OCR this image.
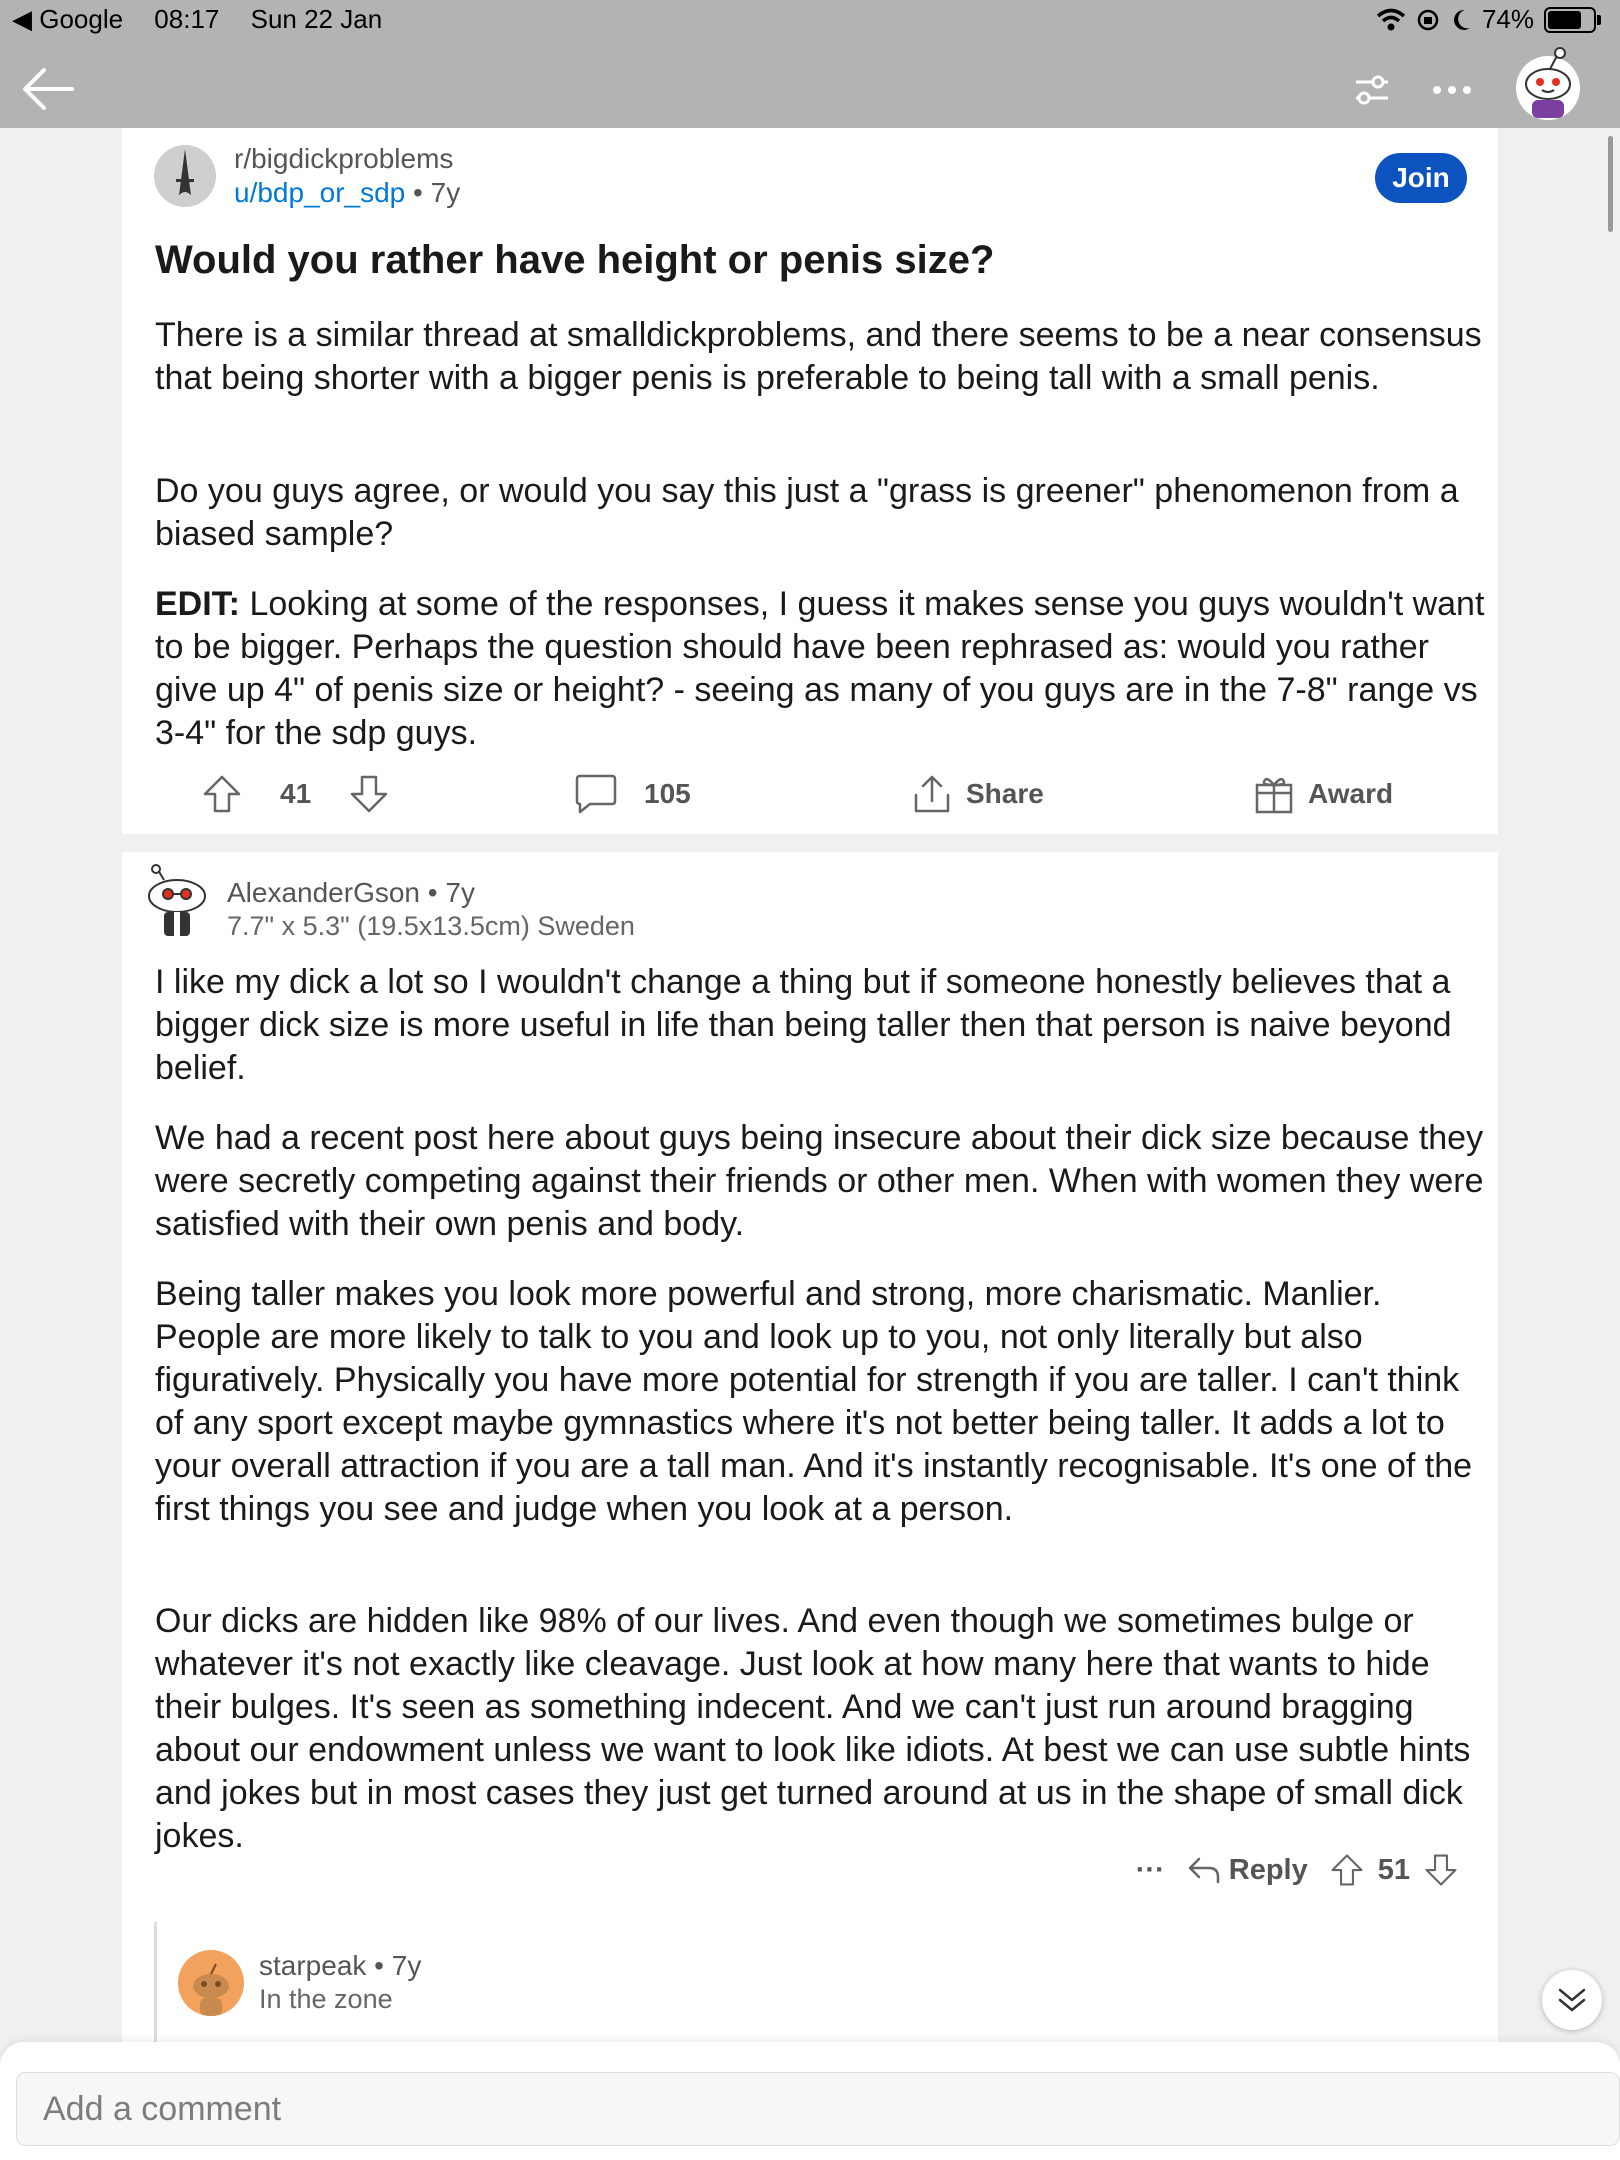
◀ Google 08:17 Sun 22 Jan	74%
r/bigdickproblems
u/bdp_or_sdp • 7y	Join
Would you rather have height or penis size?

There is a similar thread at smalldickproblems, and there seems to be a near consensus that being shorter with a bigger penis is preferable to being tall with a small penis.

Do you guys agree, or would you say this just a "grass is greener" phenomenon from a biased sample?

EDIT: Looking at some of the responses, I guess it makes sense you guys wouldn't want to be bigger. Perhaps the question should have been rephrased as: would you rather give up 4" of penis size or height? - seeing as many of you guys are in the 7-8" range vs 3-4" for the sdp guys.

41	105	Share	Award
AlexanderGson • 7y
7.7" x 5.3" (19.5x13.5cm) Sweden

I like my dick a lot so I wouldn't change a thing but if someone honestly believes that a bigger dick size is more useful in life than being taller then that person is naive beyond belief.

We had a recent post here about guys being insecure about their dick size because they were secretly competing against their friends or other men. When with women they were satisfied with their own penis and body.

Being taller makes you look more powerful and strong, more charismatic. Manlier. People are more likely to talk to you and look up to you, not only literally but also figuratively. Physically you have more potential for strength if you are taller. I can't think of any sport except maybe gymnastics where it's not better being taller. It adds a lot to your overall attraction if you are a tall man. And it's instantly recognisable. It's one of the first things you see and judge when you look at a person.

Our dicks are hidden like 98% of our lives. And even though we sometimes bulge or whatever it's not exactly like cleavage. Just look at how many here that wants to hide their bulges. It's seen as something indecent. And we can't just run around bragging about our endowment unless we want to look like idiots. At best we can use subtle hints and jokes but in most cases they just get turned around at us in the shape of small dick jokes.

··· Reply 51
starpeak • 7y
In the zone
Add a comment
